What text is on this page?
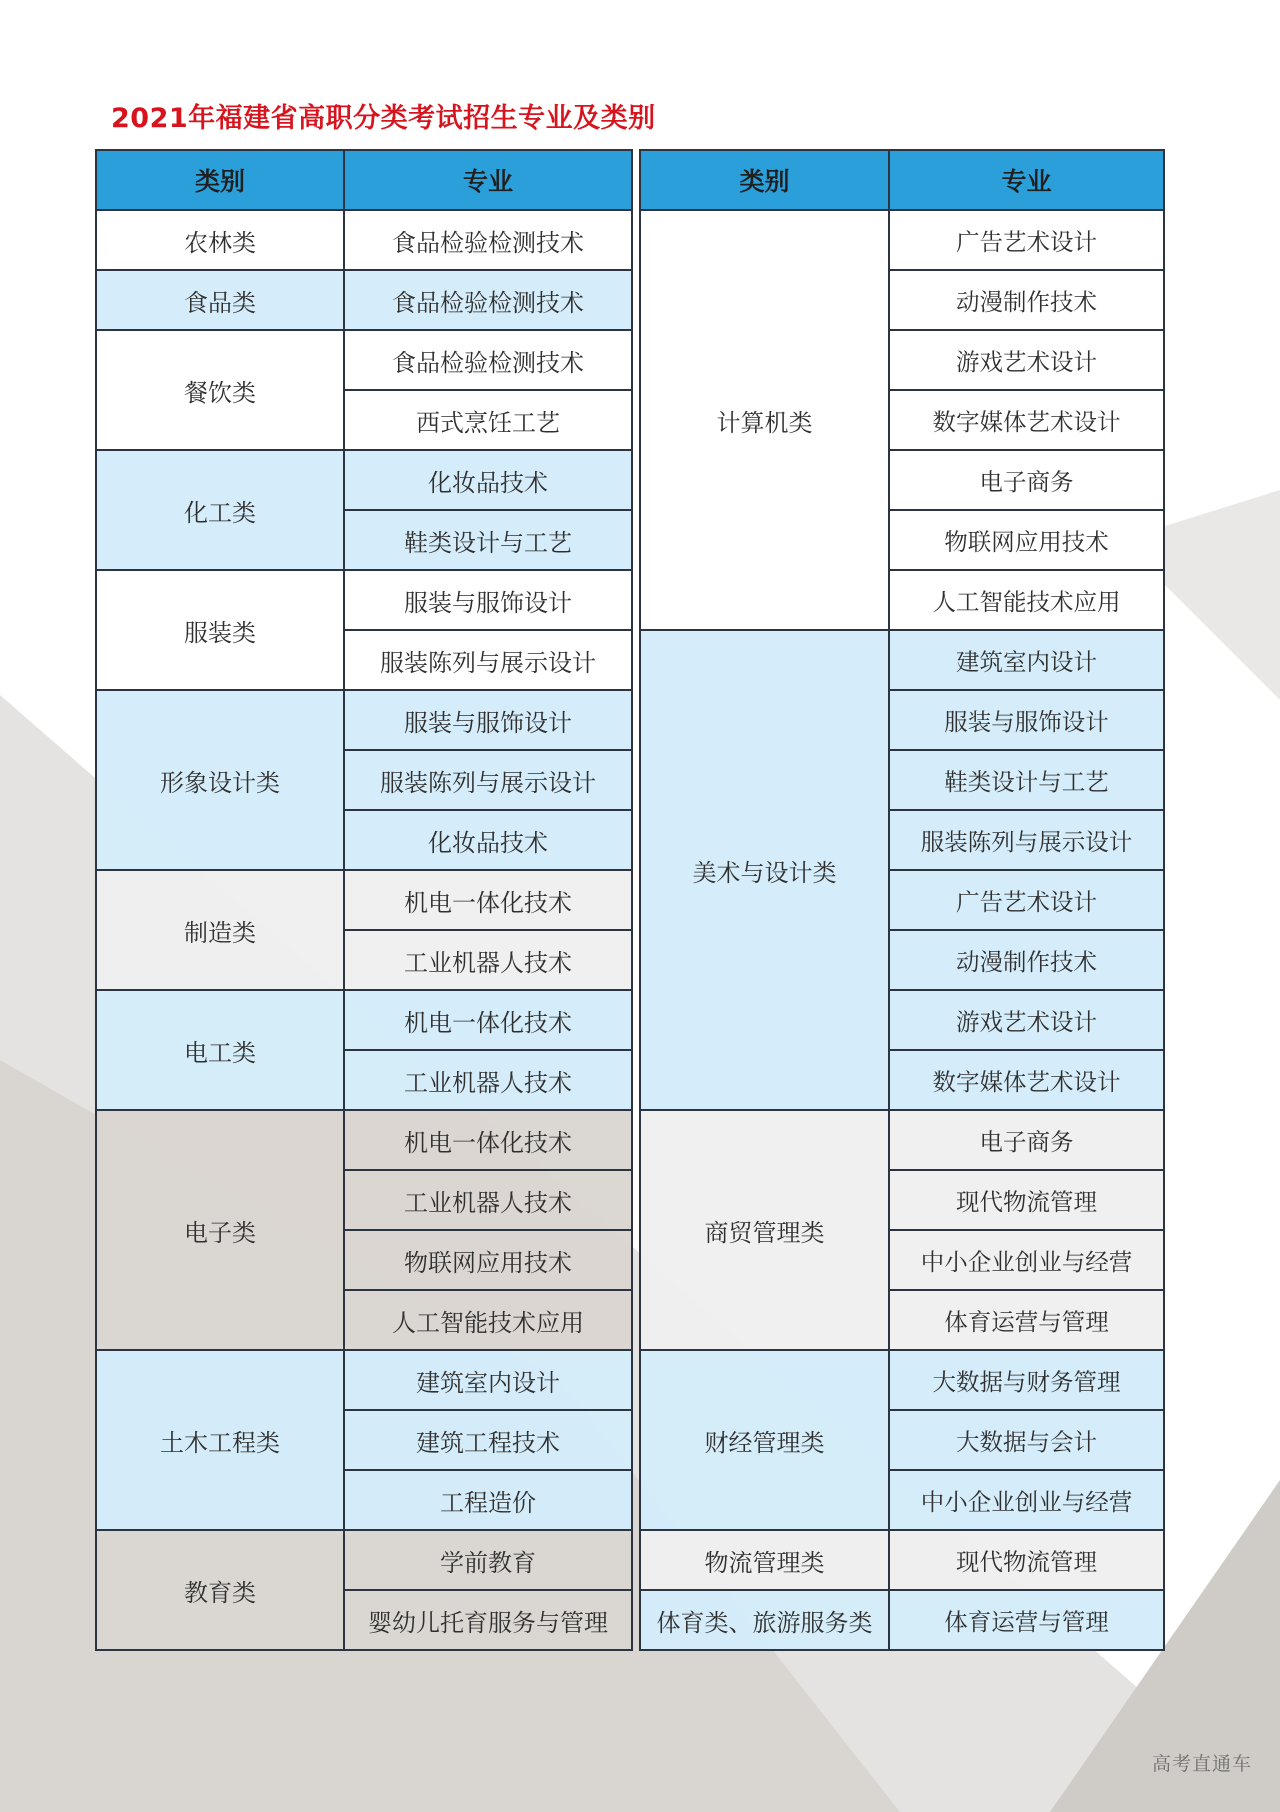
2021年福建省高职分类考试招生专业及类别
类别	专业
农林类	食品检验检测技术
食品类	食品检验检测技术
餐饮类	食品检验检测技术
	西式烹饪工艺
化工类	化妆品技术
	鞋类设计与工艺
服装类	服装与服饰设计
	服装陈列与展示设计
形象设计类	服装与服饰设计
	服装陈列与展示设计
	化妆品技术
制造类	机电一体化技术
	工业机器人技术
电工类	机电一体化技术
	工业机器人技术
电子类	机电一体化技术
	工业机器人技术
	物联网应用技术
	人工智能技术应用
土木工程类	建筑室内设计
	建筑工程技术
	工程造价
教育类	学前教育
	婴幼儿托育服务与管理
类别	专业
计算机类	广告艺术设计
	动漫制作技术
	游戏艺术设计
	数字媒体艺术设计
	电子商务
	物联网应用技术
	人工智能技术应用
美术与设计类	建筑室内设计
	服装与服饰设计
	鞋类设计与工艺
	服装陈列与展示设计
	广告艺术设计
	动漫制作技术
	游戏艺术设计
	数字媒体艺术设计
商贸管理类	电子商务
	现代物流管理
	中小企业创业与经营
	体育运营与管理
财经管理类	大数据与财务管理
	大数据与会计
	中小企业创业与经营
物流管理类	现代物流管理
体育类、旅游服务类	体育运营与管理
高考直通车
